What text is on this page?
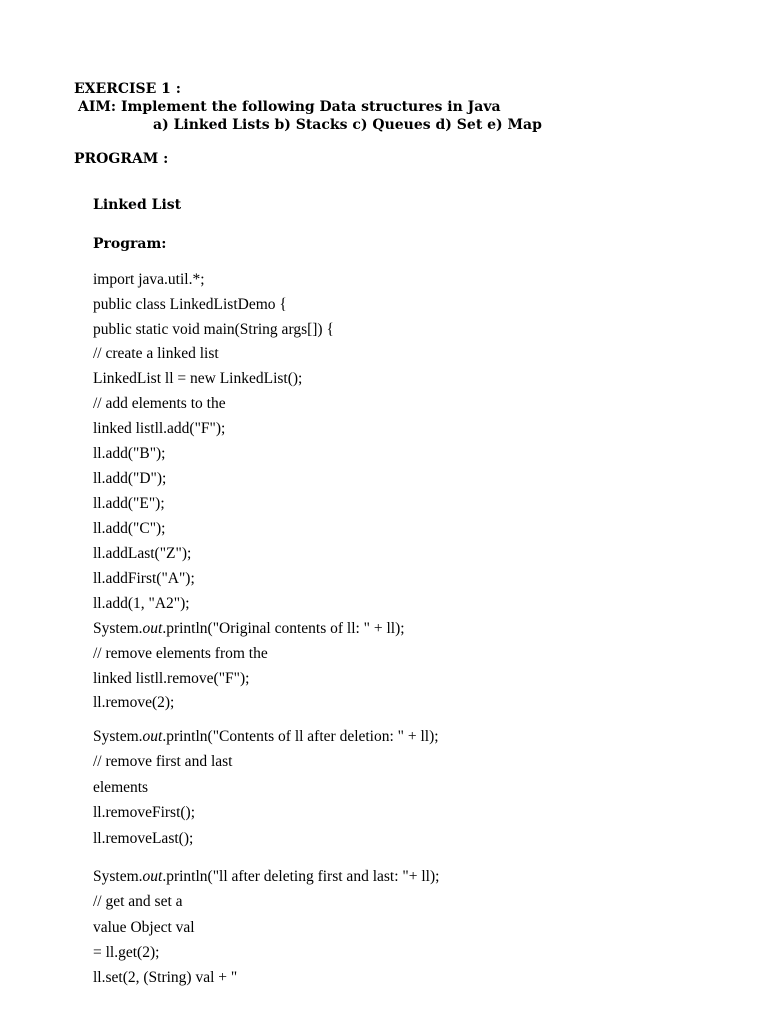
EXERCISE 1 :
AIM: Implement the following Data structures in Java
a) Linked Lists b) Stacks c) Queues d) Set e) Map
PROGRAM :
Linked List
Program:
import java.util.*;
public class LinkedListDemo {
public static void main(String args[]) {
// create a linked list
LinkedList ll = new LinkedList();
// add elements to the
linked listll.add("F");
ll.add("B");
ll.add("D");
ll.add("E");
ll.add("C");
ll.addLast("Z");
ll.addFirst("A");
ll.add(1, "A2");
System.out.println("Original contents of ll: " + ll);
// remove elements from the
linked listll.remove("F");
ll.remove(2);
System.out.println("Contents of ll after deletion: " + ll);
// remove first and last
elements
ll.removeFirst();
ll.removeLast();
System.out.println("ll after deleting first and last: "+ ll);
// get and set a
value Object val
= ll.get(2);
ll.set(2, (String) val + "
